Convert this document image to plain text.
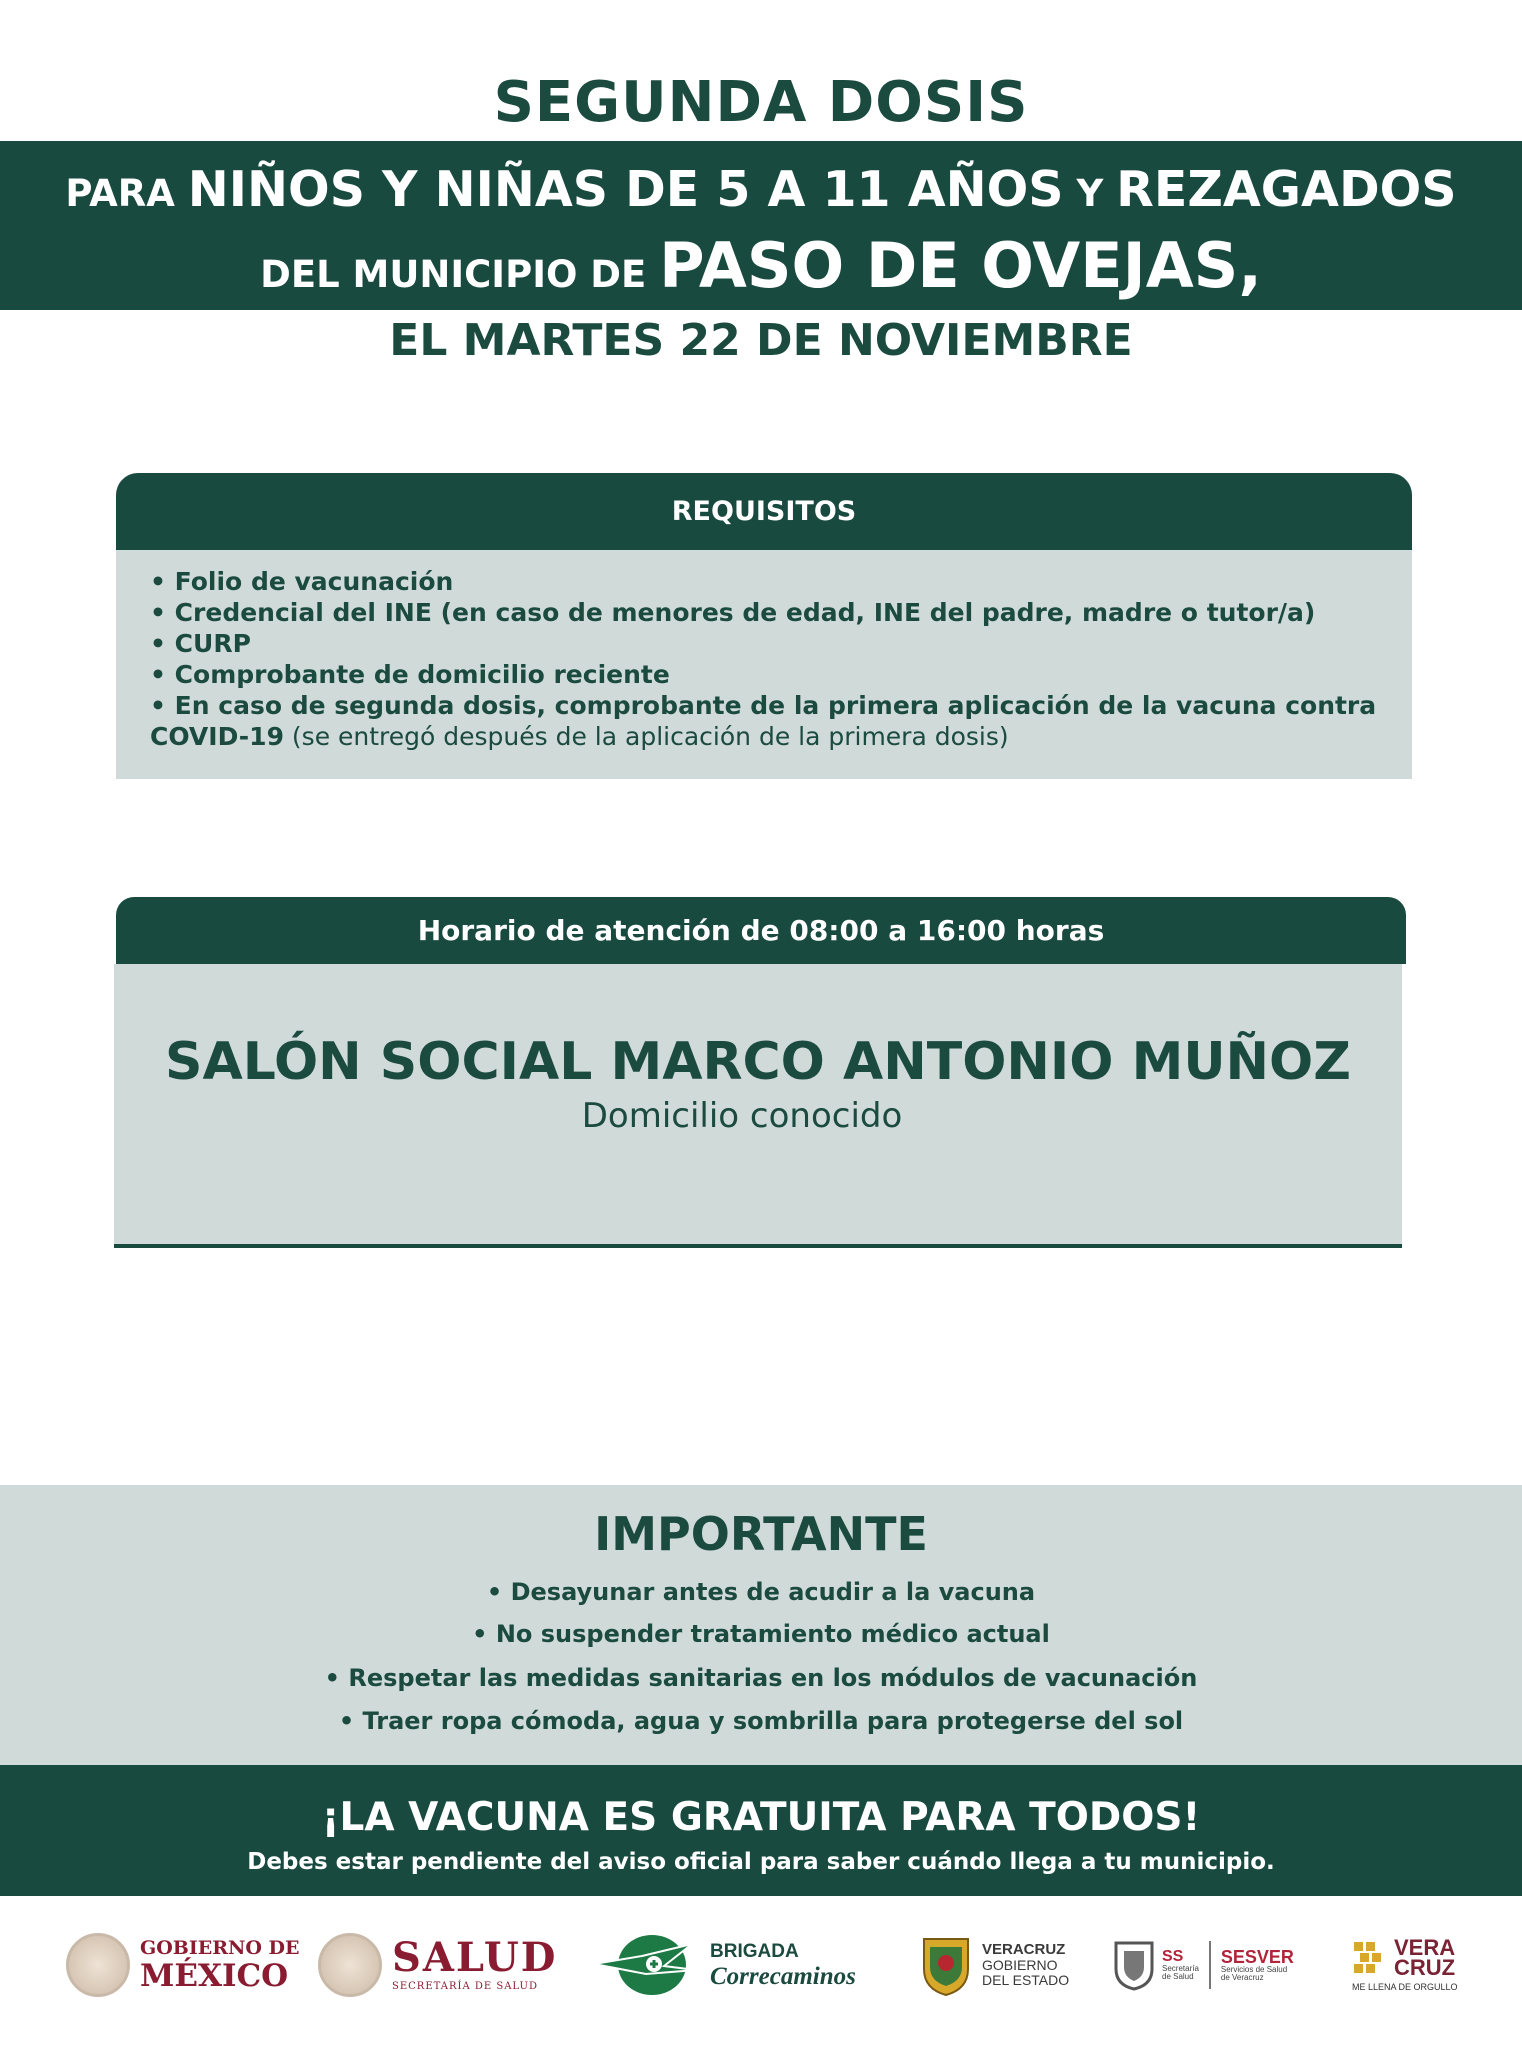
SEGUNDA DOSIS
PARA NIÑOS Y NIÑAS DE 5 A 11 AÑOS Y REZAGADOS
DEL MUNICIPIO DE PASO DE OVEJAS,
EL MARTES 22 DE NOVIEMBRE
REQUISITOS
• Folio de vacunación
• Credencial del INE (en caso de menores de edad, INE del padre, madre o tutor/a)
• CURP
• Comprobante de domicilio reciente
• En caso de segunda dosis, comprobante de la primera aplicación de la vacuna contra
COVID-19 (se entregó después de la aplicación de la primera dosis)
Horario de atención de 08:00 a 16:00 horas
SALÓN SOCIAL MARCO ANTONIO MUÑOZ
Domicilio conocido
IMPORTANTE
• Desayunar antes de acudir a la vacuna
• No suspender tratamiento médico actual
• Respetar las medidas sanitarias en los módulos de vacunación
• Traer ropa cómoda, agua y sombrilla para protegerse del sol
¡LA VACUNA ES GRATUITA PARA TODOS!
Debes estar pendiente del aviso oficial para saber cuándo llega a tu municipio.
GOBIERNO DE
MÉXICO	SALUD
SECRETARÍA DE SALUD
BRIGADA
Correcaminos
VERACRUZ
GOBIERNO
DEL ESTADO
SS
Secretaría
de Salud
SESVER
Servicios de Salud
de Veracruz
VERA
CRUZ
ME LLENA DE ORGULLO
